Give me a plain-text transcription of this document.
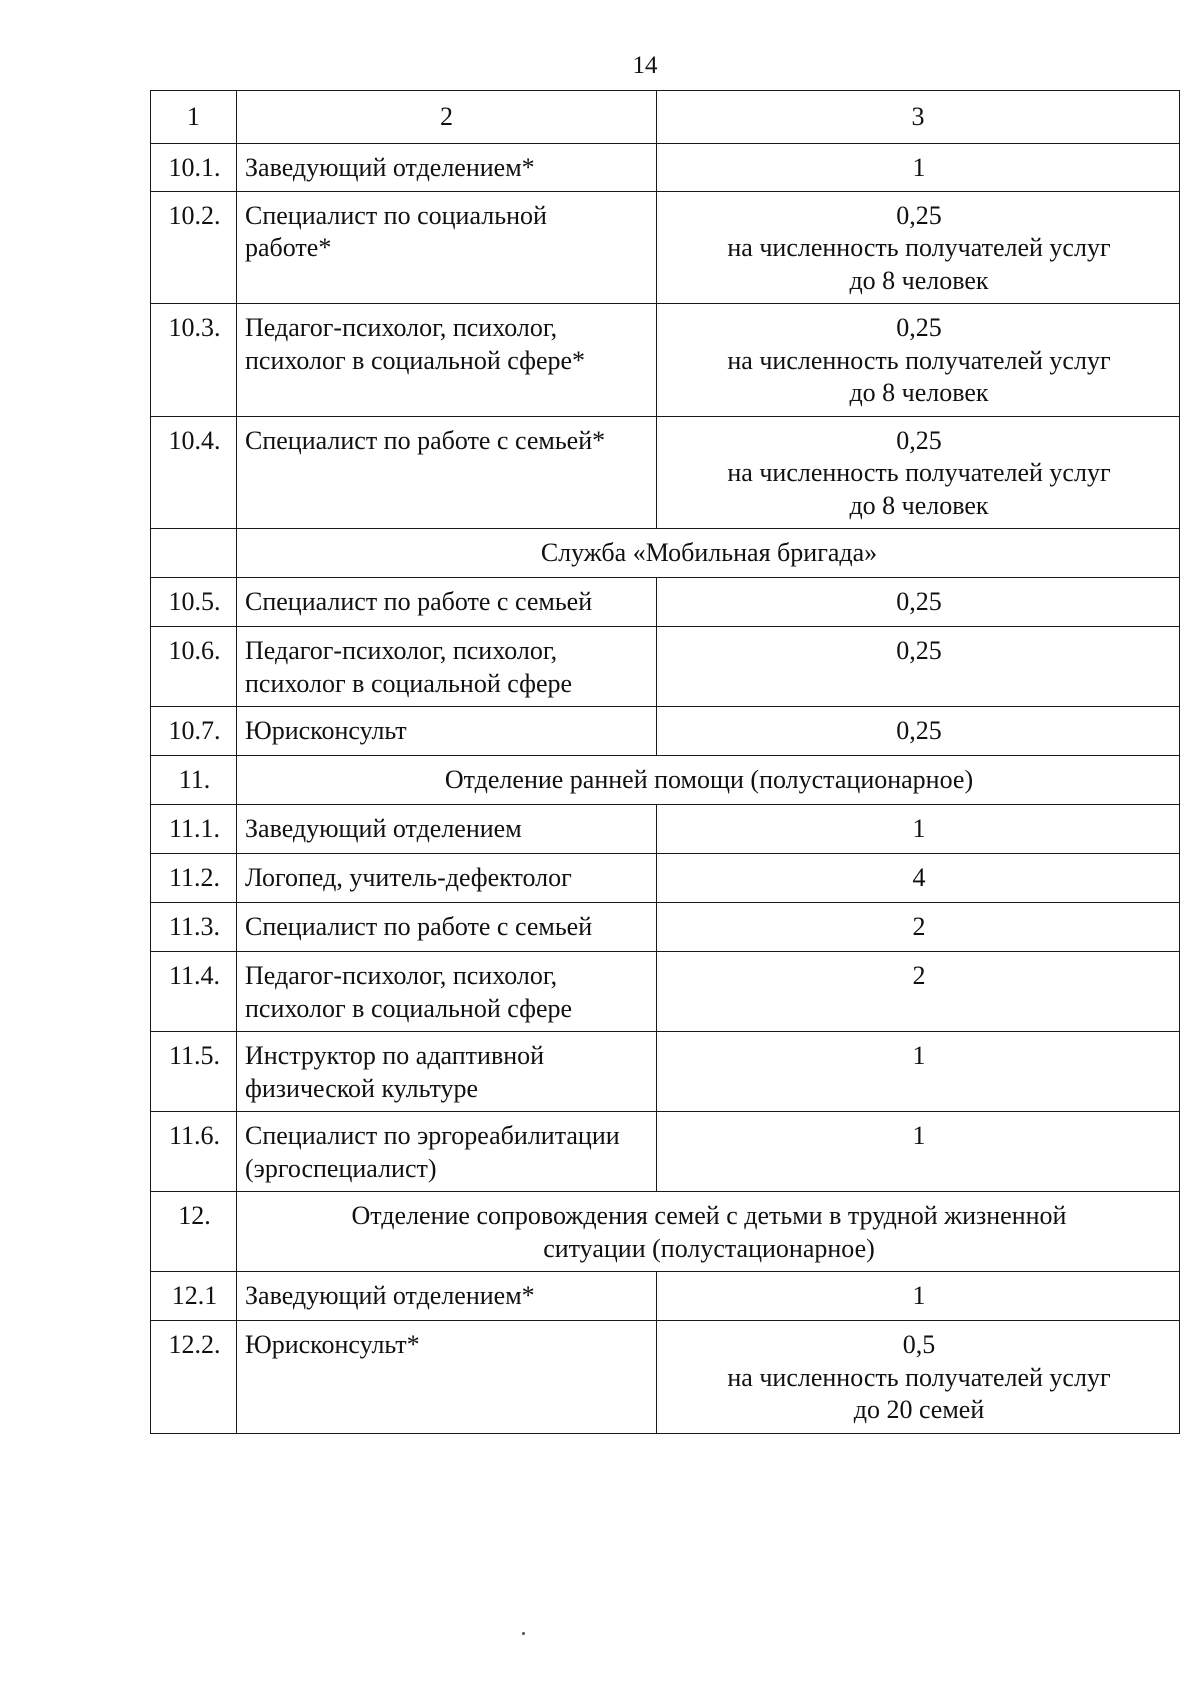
14
1	2	3
10.1.	Заведующий отделением*	1

10.2.	Специалист по социальной
работе*	0,25
на численность получателей услуг
до 8 человек

10.3.	Педагог-психолог, психолог,
психолог в социальной сфере*	0,25
на численность получателей услуг
до 8 человек

10.4.	Специалист по работе с семьей*	0,25
на численность получателей услуг
до 8 человек

	Служба «Мобильная бригада»	

10.5.	Специалист по работе с семьей	0,25

10.6.	Педагог-психолог, психолог,
психолог в социальной сфере	0,25

10.7.	Юрисконсульт	0,25

11.	Отделение ранней помощи (полустационарное)	

11.1.	Заведующий отделением	1

11.2.	Логопед, учитель-дефектолог	4

11.3.	Специалист по работе с семьей	2

11.4.	Педагог-психолог, психолог,
психолог в социальной сфере	2

11.5.	Инструктор по адаптивной
физической культуре	1

11.6.	Специалист по эргореабилитации
(эргоспециалист)	1

12.	Отделение сопровождения семей с детьми в трудной жизненной
ситуации (полустационарное)	

12.1	Заведующий отделением*	1

12.2.	Юрисконсульт*	0,5
на численность получателей услуг
до 20 семей
